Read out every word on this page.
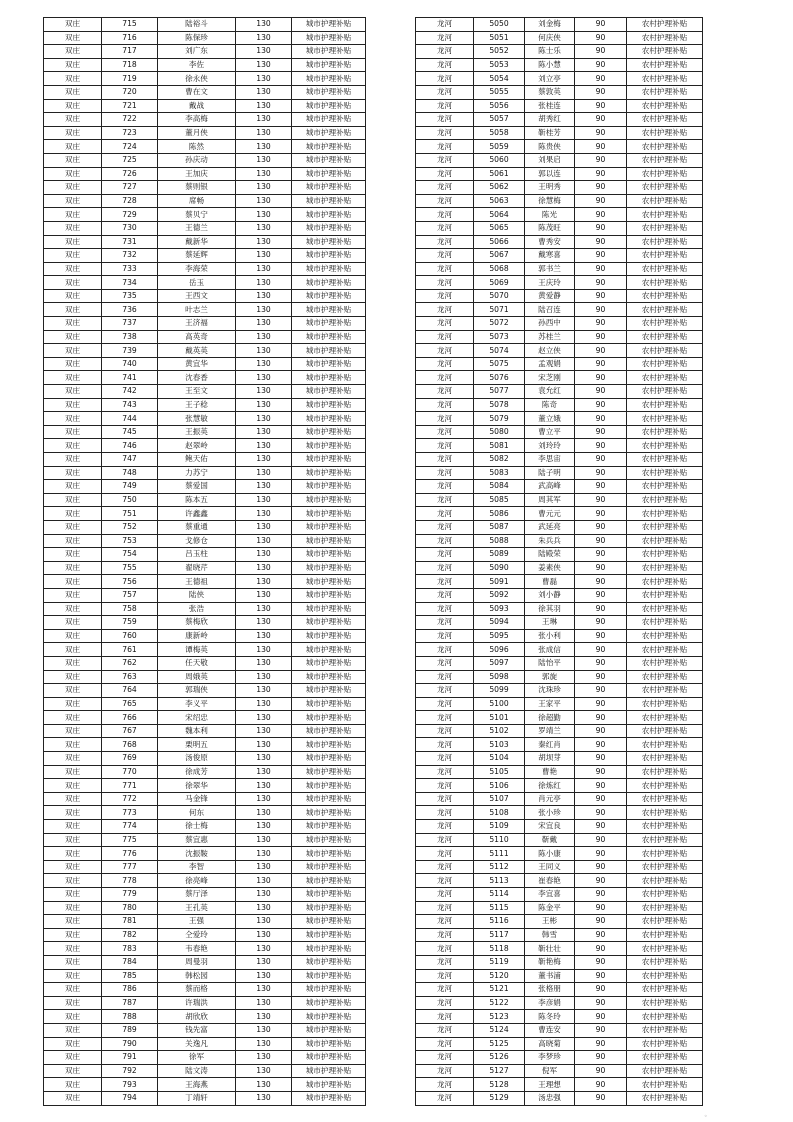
双庄	715	陆裕斗	130	城市护理补贴
双庄	716	陈保珍	130	城市护理补贴
双庄	717	刘广东	130	城市护理补贴
双庄	718	李佐	130	城市护理补贴
双庄	719	徐永侠	130	城市护理补贴
双庄	720	曹在文	130	城市护理补贴
双庄	721	戴战	130	城市护理补贴
双庄	722	李高梅	130	城市护理补贴
双庄	723	董月侠	130	城市护理补贴
双庄	724	陈然	130	城市护理补贴
双庄	725	孙庆动	130	城市护理补贴
双庄	726	王加庆	130	城市护理补贴
双庄	727	蔡则银	130	城市护理补贴
双庄	728	席畅	130	城市护理补贴
双庄	729	蔡贝宁	130	城市护理补贴
双庄	730	王德兰	130	城市护理补贴
双庄	731	戴新华	130	城市护理补贴
双庄	732	蔡延辉	130	城市护理补贴
双庄	733	李海荣	130	城市护理补贴
双庄	734	岳玉	130	城市护理补贴
双庄	735	王西文	130	城市护理补贴
双庄	736	叶志兰	130	城市护理补贴
双庄	737	王济福	130	城市护理补贴
双庄	738	高英奇	130	城市护理补贴
双庄	739	戴英英	130	城市护理补贴
双庄	740	黄宜华	130	城市护理补贴
双庄	741	沈春香	130	城市护理补贴
双庄	742	王至文	130	城市护理补贴
双庄	743	王子稔	130	城市护理补贴
双庄	744	张慧敏	130	城市护理补贴
双庄	745	王振英	130	城市护理补贴
双庄	746	赵翠岭	130	城市护理补贴
双庄	747	鲍天佑	130	城市护理补贴
双庄	748	力苏宁	130	城市护理补贴
双庄	749	蔡爱国	130	城市护理补贴
双庄	750	陈本五	130	城市护理补贴
双庄	751	许鑫鑫	130	城市护理补贴
双庄	752	蔡重通	130	城市护理补贴
双庄	753	戈修仓	130	城市护理补贴
双庄	754	吕玉柱	130	城市护理补贴
双庄	755	翟晓芹	130	城市护理补贴
双庄	756	王德祖	130	城市护理补贴
双庄	757	陆侠	130	城市护理补贴
双庄	758	张浩	130	城市护理补贴
双庄	759	蔡梅欣	130	城市护理补贴
双庄	760	康新岭	130	城市护理补贴
双庄	761	谭梅英	130	城市护理补贴
双庄	762	任天敬	130	城市护理补贴
双庄	763	周娥英	130	城市护理补贴
双庄	764	郭瑞侠	130	城市护理补贴
双庄	765	李义平	130	城市护理补贴
双庄	766	宋绍忠	130	城市护理补贴
双庄	767	魏本利	130	城市护理补贴
双庄	768	栗明五	130	城市护理补贴
双庄	769	汤俊原	130	城市护理补贴
双庄	770	徐成芳	130	城市护理补贴
双庄	771	徐翠华	130	城市护理补贴
双庄	772	马金锋	130	城市护理补贴
双庄	773	何东	130	城市护理补贴
双庄	774	徐士梅	130	城市护理补贴
双庄	775	蔡宜惠	130	城市护理补贴
双庄	776	沈振鞍	130	城市护理补贴
双庄	777	李智	130	城市护理补贴
双庄	778	徐亮峰	130	城市护理补贴
双庄	779	蔡厅泽	130	城市护理补贴
双庄	780	王孔英	130	城市护理补贴
双庄	781	王强	130	城市护理补贴
双庄	782	仝爱玲	130	城市护理补贴
双庄	783	韦春艳	130	城市护理补贴
双庄	784	周曼羽	130	城市护理补贴
双庄	785	韩松园	130	城市护理补贴
双庄	786	蔡而格	130	城市护理补贴
双庄	787	许瑞洪	130	城市护理补贴
双庄	788	胡欣欣	130	城市护理补贴
双庄	789	钱先富	130	城市护理补贴
双庄	790	关逸凡	130	城市护理补贴
双庄	791	徐军	130	城市护理补贴
双庄	792	陆文涛	130	城市护理补贴
双庄	793	王海燕	130	城市护理补贴
双庄	794	丁靖轩	130	城市护理补贴
龙河	5050	刘金梅	90	农村护理补贴
龙河	5051	何庆侠	90	农村护理补贴
龙河	5052	陈士乐	90	农村护理补贴
龙河	5053	陈小慧	90	农村护理补贴
龙河	5054	刘立亭	90	农村护理补贴
龙河	5055	蔡敦英	90	农村护理补贴
龙河	5056	张桂连	90	农村护理补贴
龙河	5057	胡秀红	90	农村护理补贴
龙河	5058	靳桂芳	90	农村护理补贴
龙河	5059	陈贵侠	90	农村护理补贴
龙河	5060	刘果启	90	农村护理补贴
龙河	5061	郭以连	90	农村护理补贴
龙河	5062	王明秀	90	农村护理补贴
龙河	5063	徐慧梅	90	农村护理补贴
龙河	5064	陈光	90	农村护理补贴
龙河	5065	陈茂旺	90	农村护理补贴
龙河	5066	曹秀安	90	农村护理补贴
龙河	5067	戴寒喜	90	农村护理补贴
龙河	5068	郭书兰	90	农村护理补贴
龙河	5069	王庆玲	90	农村护理补贴
龙河	5070	黄爱静	90	农村护理补贴
龙河	5071	陆召连	90	农村护理补贴
龙河	5072	孙西中	90	农村护理补贴
龙河	5073	苏桂兰	90	农村护理补贴
龙河	5074	赵立侠	90	农村护理补贴
龙河	5075	孟观娟	90	农村护理补贴
龙河	5076	宋芝刚	90	农村护理补贴
龙河	5077	袁允红	90	农村护理补贴
龙河	5078	陈奇	90	农村护理补贴
龙河	5079	董立娥	90	农村护理补贴
龙河	5080	曹立平	90	农村护理补贴
龙河	5081	刘玲玲	90	农村护理补贴
龙河	5082	李思宙	90	农村护理补贴
龙河	5083	陆子明	90	农村护理补贴
龙河	5084	武高峰	90	农村护理补贴
龙河	5085	周其军	90	农村护理补贴
龙河	5086	曹元元	90	农村护理补贴
龙河	5087	武延亮	90	农村护理补贴
龙河	5088	朱兵兵	90	农村护理补贴
龙河	5089	陆殿荣	90	农村护理补贴
龙河	5090	姜素侠	90	农村护理补贴
龙河	5091	曹磊	90	农村护理补贴
龙河	5092	刘小静	90	农村护理补贴
龙河	5093	徐其羽	90	农村护理补贴
龙河	5094	王琳	90	农村护理补贴
龙河	5095	张小利	90	农村护理补贴
龙河	5096	张成信	90	农村护理补贴
龙河	5097	陆怡平	90	农村护理补贴
龙河	5098	郭旋	90	农村护理补贴
龙河	5099	沈珠珍	90	农村护理补贴
龙河	5100	王家平	90	农村护理补贴
龙河	5101	徐超勤	90	农村护理补贴
龙河	5102	罗靖兰	90	农村护理补贴
龙河	5103	秦红肖	90	农村护理补贴
龙河	5104	胡坝芽	90	农村护理补贴
龙河	5105	曹艳	90	农村护理补贴
龙河	5106	徐炼红	90	农村护理补贴
龙河	5107	肖元亭	90	农村护理补贴
龙河	5108	张小珍	90	农村护理补贴
龙河	5109	宋宜良	90	农村护理补贴
龙河	5110	靳戴	90	农村护理补贴
龙河	5111	陈小康	90	农村护理补贴
龙河	5112	王同义	90	农村护理补贴
龙河	5113	崔春艳	90	农村护理补贴
龙河	5114	李宜喜	90	农村护理补贴
龙河	5115	陈金平	90	农村护理补贴
龙河	5116	王彬	90	农村护理补贴
龙河	5117	韩雪	90	农村护理补贴
龙河	5118	靳壮壮	90	农村护理补贴
龙河	5119	靳艳梅	90	农村护理补贴
龙河	5120	董书浦	90	农村护理补贴
龙河	5121	张格朋	90	农村护理补贴
龙河	5122	李彦娟	90	农村护理补贴
龙河	5123	陈冬玲	90	农村护理补贴
龙河	5124	曹连安	90	农村护理补贴
龙河	5125	高晓菊	90	农村护理补贴
龙河	5126	李梦珍	90	农村护理补贴
龙河	5127	倪军	90	农村护理补贴
龙河	5128	王理想	90	农村护理补贴
龙河	5129	汤忠强	90	农村护理补贴
◦
